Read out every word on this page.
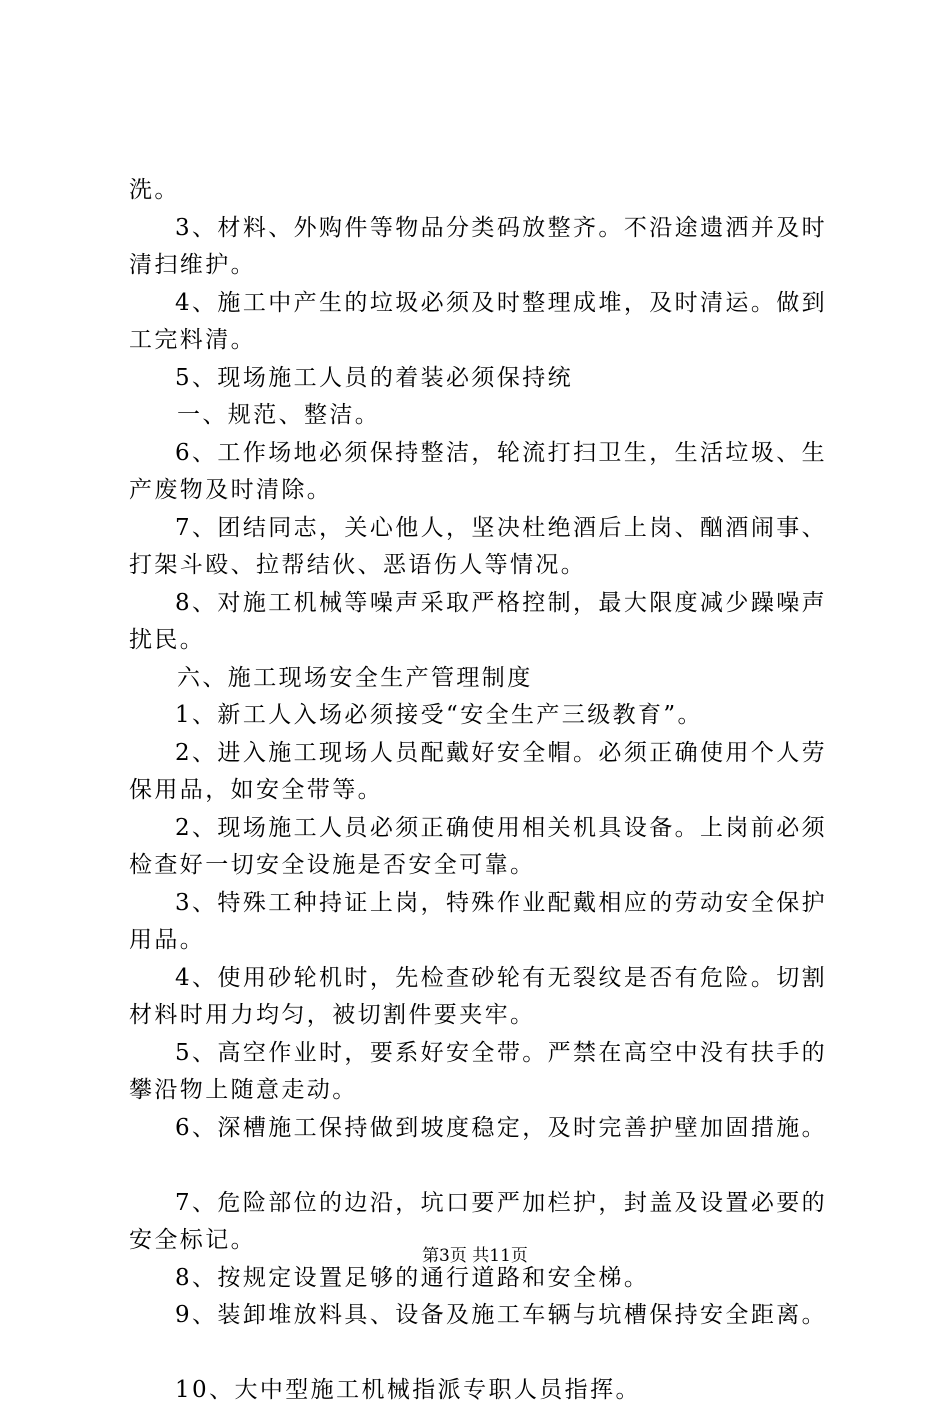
洗。
3、材料、外购件等物品分类码放整齐。不沿途遗洒并及时
清扫维护。
4、施工中产生的垃圾必须及时整理成堆，及时清运。做到
工完料清。
5、现场施工人员的着装必须保持统
一、规范、整洁。
6、工作场地必须保持整洁，轮流打扫卫生，生活垃圾、生
产废物及时清除。
7、团结同志，关心他人，坚决杜绝酒后上岗、酗酒闹事、
打架斗殴、拉帮结伙、恶语伤人等情况。
8、对施工机械等噪声采取严格控制，最大限度减少躁噪声
扰民。
六、施工现场安全生产管理制度
1、新工人入场必须接受“安全生产三级教育”。
2、进入施工现场人员配戴好安全帽。必须正确使用个人劳
保用品，如安全带等。
2、现场施工人员必须正确使用相关机具设备。上岗前必须
检查好一切安全设施是否安全可靠。
3、特殊工种持证上岗，特殊作业配戴相应的劳动安全保护
用品。
4、使用砂轮机时，先检查砂轮有无裂纹是否有危险。切割
材料时用力均匀，被切割件要夹牢。
5、高空作业时，要系好安全带。严禁在高空中没有扶手的
攀沿物上随意走动。
6、深槽施工保持做到坡度稳定，及时完善护壁加固措施。
7、危险部位的边沿，坑口要严加栏护，封盖及设置必要的
安全标记。
8、按规定设置足够的通行道路和安全梯。
9、装卸堆放料具、设备及施工车辆与坑槽保持安全距离。
10、大中型施工机械指派专职人员指挥。
第3页 共11页
